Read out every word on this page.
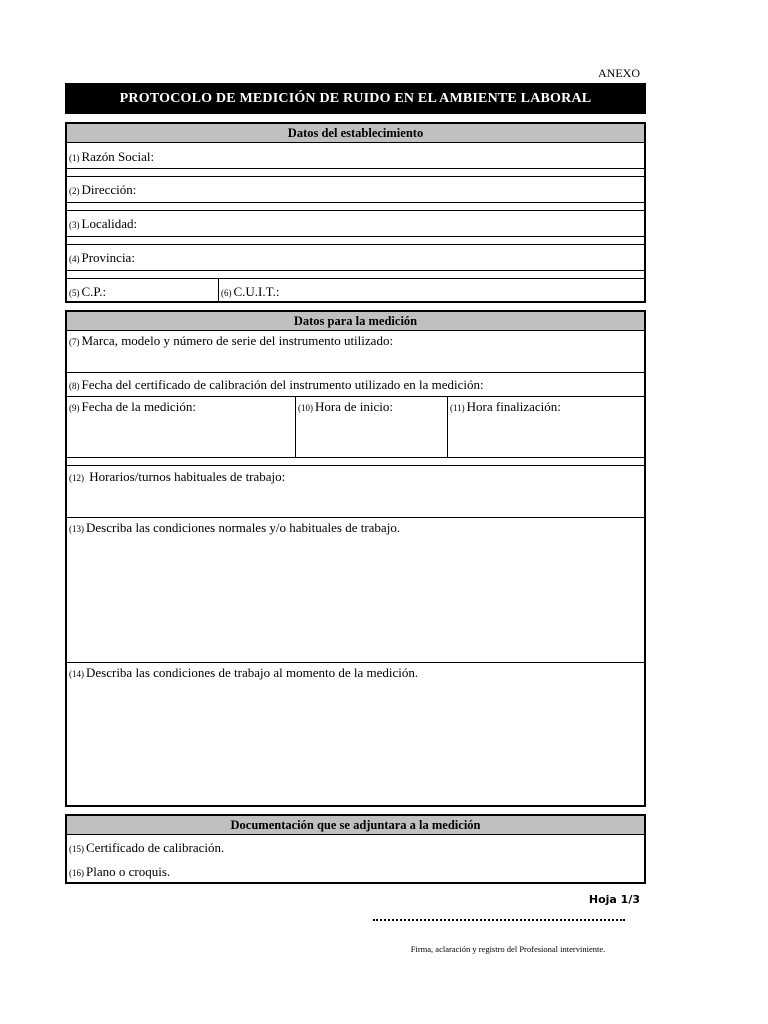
ANEXO
PROTOCOLO DE MEDICIÓN DE RUIDO EN EL AMBIENTE LABORAL
Datos del establecimiento
(1) Razón Social:
(2) Dirección:
(3) Localidad:
(4) Provincia:
(5) C.P.:	(6) C.U.I.T.:
Datos para la medición
(7) Marca, modelo y número de serie del instrumento utilizado:
(8) Fecha del certificado de calibración del instrumento utilizado en la medición:
(9) Fecha de la medición:	(10) Hora de inicio:	(11) Hora finalización:
(12) Horarios/turnos habituales de trabajo:
(13) Describa las condiciones normales y/o habituales de trabajo.
(14) Describa las condiciones de trabajo al momento de la medición.
Documentación que se adjuntara a la medición
(15) Certificado de calibración.
(16) Plano o croquis.
Hoja 1/3
Firma, aclaración y registro del Profesional interviniente.
